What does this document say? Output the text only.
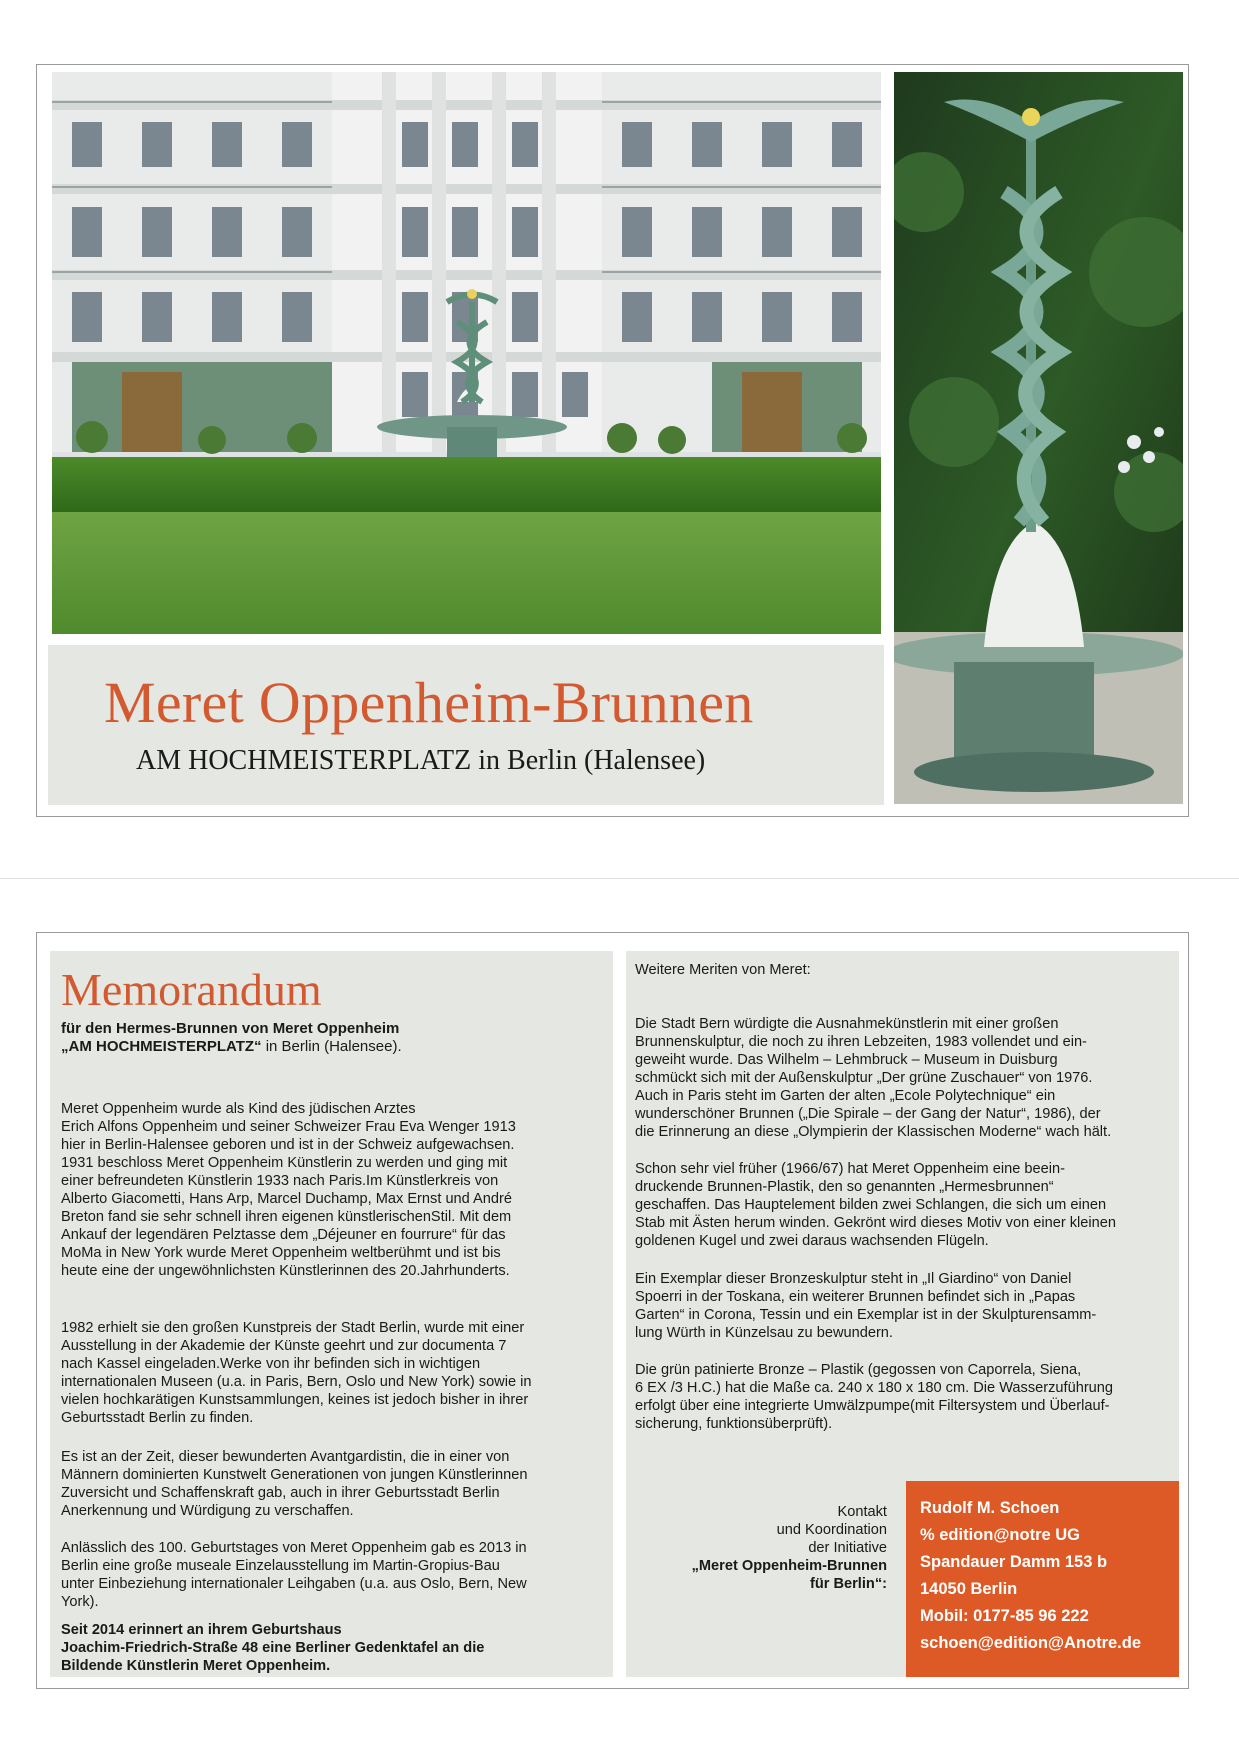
Meret Oppenheim-Brunnen
AM HOCHMEISTERPLATZ in Berlin (Halensee)
Memorandum
für den Hermes-Brunnen von Meret Oppenheim
„AM HOCHMEISTERPLATZ“ in Berlin (Halensee).
Meret Oppenheim wurde als Kind des jüdischen Arztes
Erich Alfons Oppenheim und seiner Schweizer Frau Eva Wenger 1913
hier in Berlin-Halensee geboren und ist in der Schweiz aufgewachsen.
1931 beschloss Meret Oppenheim Künstlerin zu werden und ging mit
einer befreundeten Künstlerin 1933 nach Paris.Im Künstlerkreis von
Alberto Giacometti, Hans Arp, Marcel Duchamp, Max Ernst und André
Breton fand sie sehr schnell ihren eigenen künstlerischenStil. Mit dem
Ankauf der legendären Pelztasse dem „Déjeuner en fourrure“ für das
MoMa in New York wurde Meret Oppenheim weltberühmt und ist bis
heute eine der ungewöhnlichsten Künstlerinnen des 20.Jahrhunderts.
1982 erhielt sie den großen Kunstpreis der Stadt Berlin, wurde mit einer
Ausstellung in der Akademie der Künste geehrt und zur documenta 7
nach Kassel eingeladen.Werke von ihr befinden sich in wichtigen
internationalen Museen (u.a. in Paris, Bern, Oslo und New York) sowie in
vielen hochkarätigen Kunstsammlungen, keines ist jedoch bisher in ihrer
Geburtsstadt Berlin zu finden.
Es ist an der Zeit, dieser bewunderten Avantgardistin, die in einer von
Männern dominierten Kunstwelt Generationen von jungen Künstlerinnen
Zuversicht und Schaffenskraft gab, auch in ihrer Geburtsstadt Berlin
Anerkennung und Würdigung zu verschaffen.
Anlässlich des 100. Geburtstages von Meret Oppenheim gab es 2013 in
Berlin eine große museale Einzelausstellung im Martin-Gropius-Bau
unter Einbeziehung internationaler Leihgaben (u.a. aus Oslo, Bern, New
York).
Seit 2014 erinnert an ihrem Geburtshaus
Joachim-Friedrich-Straße 48 eine Berliner Gedenktafel an die
Bildende Künstlerin Meret Oppenheim.
Weitere Meriten von Meret:
Die Stadt Bern würdigte die Ausnahmekünstlerin mit einer großen
Brunnenskulptur, die noch zu ihren Lebzeiten, 1983 vollendet und ein-
geweiht wurde. Das Wilhelm – Lehmbruck – Museum in Duisburg
schmückt sich mit der Außenskulptur „Der grüne Zuschauer“ von 1976.
Auch in Paris steht im Garten der alten „Ecole Polytechnique“ ein
wunderschöner Brunnen („Die Spirale – der Gang der Natur“, 1986), der
die Erinnerung an diese „Olympierin der Klassischen Moderne“ wach hält.
Schon sehr viel früher (1966/67) hat Meret Oppenheim eine beein-
druckende Brunnen-Plastik, den so genannten „Hermesbrunnen“
geschaffen. Das Hauptelement bilden zwei Schlangen, die sich um einen
Stab mit Ästen herum winden. Gekrönt wird dieses Motiv von einer kleinen
goldenen Kugel und zwei daraus wachsenden Flügeln.
Ein Exemplar dieser Bronzeskulptur steht in „Il Giardino“ von Daniel
Spoerri in der Toskana, ein weiterer Brunnen befindet sich in „Papas
Garten“ in Corona, Tessin und ein Exemplar ist in der Skulpturensamm-
lung Würth in Künzelsau zu bewundern.
Die grün patinierte Bronze – Plastik (gegossen von Caporrela, Siena,
6 EX /3 H.C.) hat die Maße ca. 240 x 180 x 180 cm. Die Wasserzuführung
erfolgt über eine integrierte Umwälzpumpe(mit Filtersystem und Überlauf-
sicherung, funktionsüberprüft).
Kontakt
und Koordination
der Initiative
„Meret Oppenheim-Brunnen
für Berlin“:
Rudolf M. Schoen
% edition@notre UG
Spandauer Damm 153 b
14050 Berlin
Mobil: 0177-85 96 222
schoen@edition@Anotre.de
